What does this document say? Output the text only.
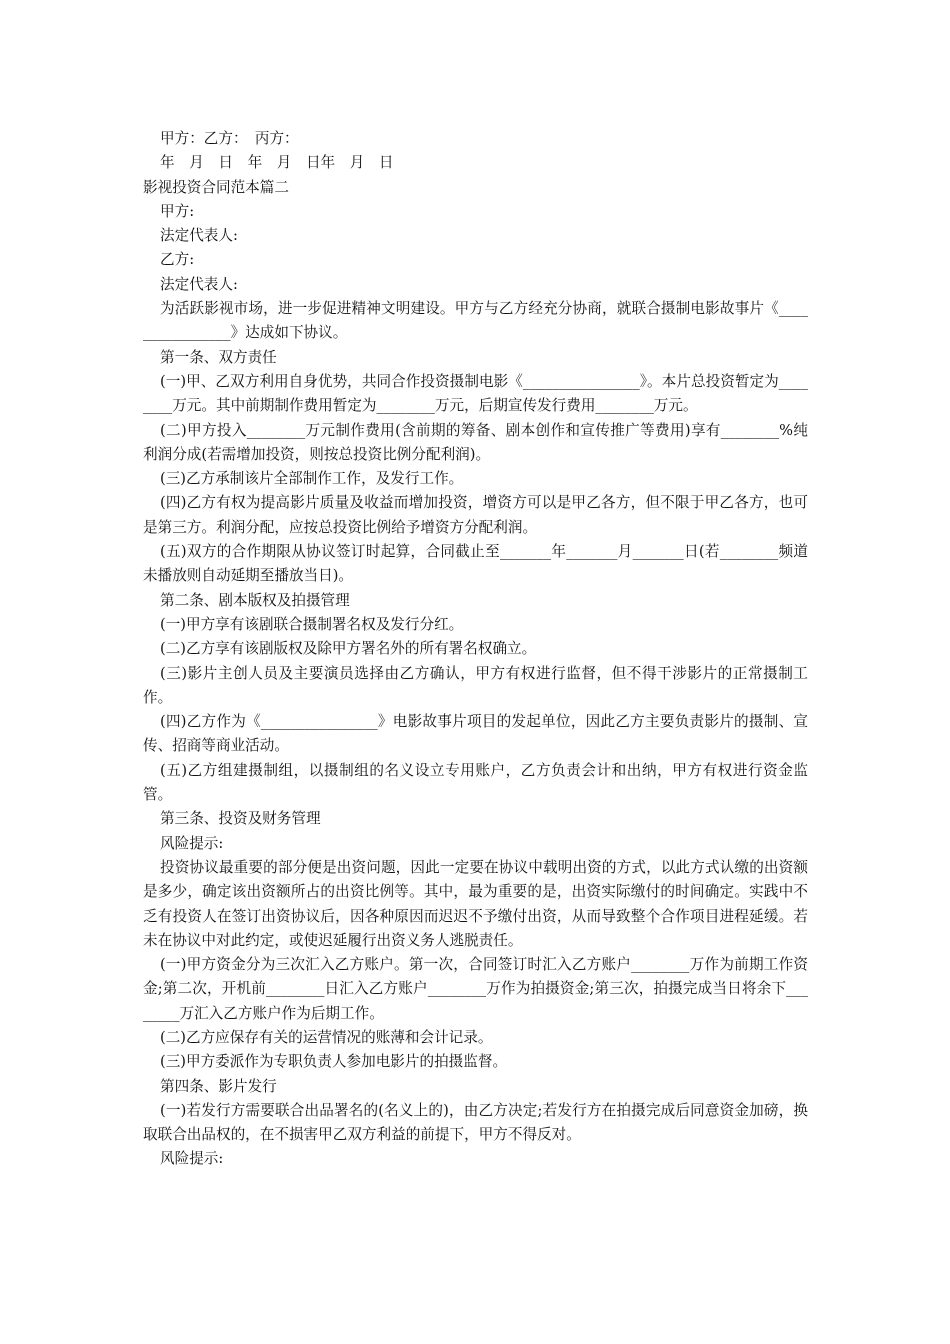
甲方：乙方：　丙方：
年　月　日　年　月　日年　月　日
影视投资合同范本篇二
甲方:
法定代表人:
乙方:
法定代表人:

为活跃影视市场，进一步促进精神文明建设。甲方与乙方经充分协商，就联合摄制电影故事片《________________》达成如下协议。

第一条、双方责任

(一)甲、乙双方利用自身优势，共同合作投资摄制电影《________________》。本片总投资暂定为________万元。其中前期制作费用暂定为________万元，后期宣传发行费用________万元。

(二)甲方投入________万元制作费用(含前期的筹备、剧本创作和宣传推广等费用)享有________%纯利润分成(若需增加投资，则按总投资比例分配利润)。

(三)乙方承制该片全部制作工作，及发行工作。

(四)乙方有权为提高影片质量及收益而增加投资，增资方可以是甲乙各方，但不限于甲乙各方，也可是第三方。利润分配，应按总投资比例给予增资方分配利润。

(五)双方的合作期限从协议签订时起算，合同截止至_______年_______月_______日(若________频道未播放则自动延期至播放当日)。

第二条、剧本版权及拍摄管理

(一)甲方享有该剧联合摄制署名权及发行分红。

(二)乙方享有该剧版权及除甲方署名外的所有署名权确立。

(三)影片主创人员及主要演员选择由乙方确认，甲方有权进行监督，但不得干涉影片的正常摄制工作。

(四)乙方作为《________________》电影故事片项目的发起单位，因此乙方主要负责影片的摄制、宣传、招商等商业活动。

(五)乙方组建摄制组，以摄制组的名义设立专用账户，乙方负责会计和出纳，甲方有权进行资金监管。

第三条、投资及财务管理

风险提示:

投资协议最重要的部分便是出资问题，因此一定要在协议中载明出资的方式，以此方式认缴的出资额是多少，确定该出资额所占的出资比例等。其中，最为重要的是，出资实际缴付的时间确定。实践中不乏有投资人在签订出资协议后，因各种原因而迟迟不予缴付出资，从而导致整个合作项目进程延缓。若未在协议中对此约定，或使迟延履行出资义务人逃脱责任。

(一)甲方资金分为三次汇入乙方账户。第一次，合同签订时汇入乙方账户________万作为前期工作资金;第二次，开机前________日汇入乙方账户________万作为拍摄资金;第三次，拍摄完成当日将余下________万汇入乙方账户作为后期工作。

(二)乙方应保存有关的运营情况的账薄和会计记录。

(三)甲方委派作为专职负责人参加电影片的拍摄监督。

第四条、影片发行

(一)若发行方需要联合出品署名的(名义上的)，由乙方决定;若发行方在拍摄完成后同意资金加磅，换取联合出品权的，在不损害甲乙双方利益的前提下，甲方不得反对。

风险提示:
